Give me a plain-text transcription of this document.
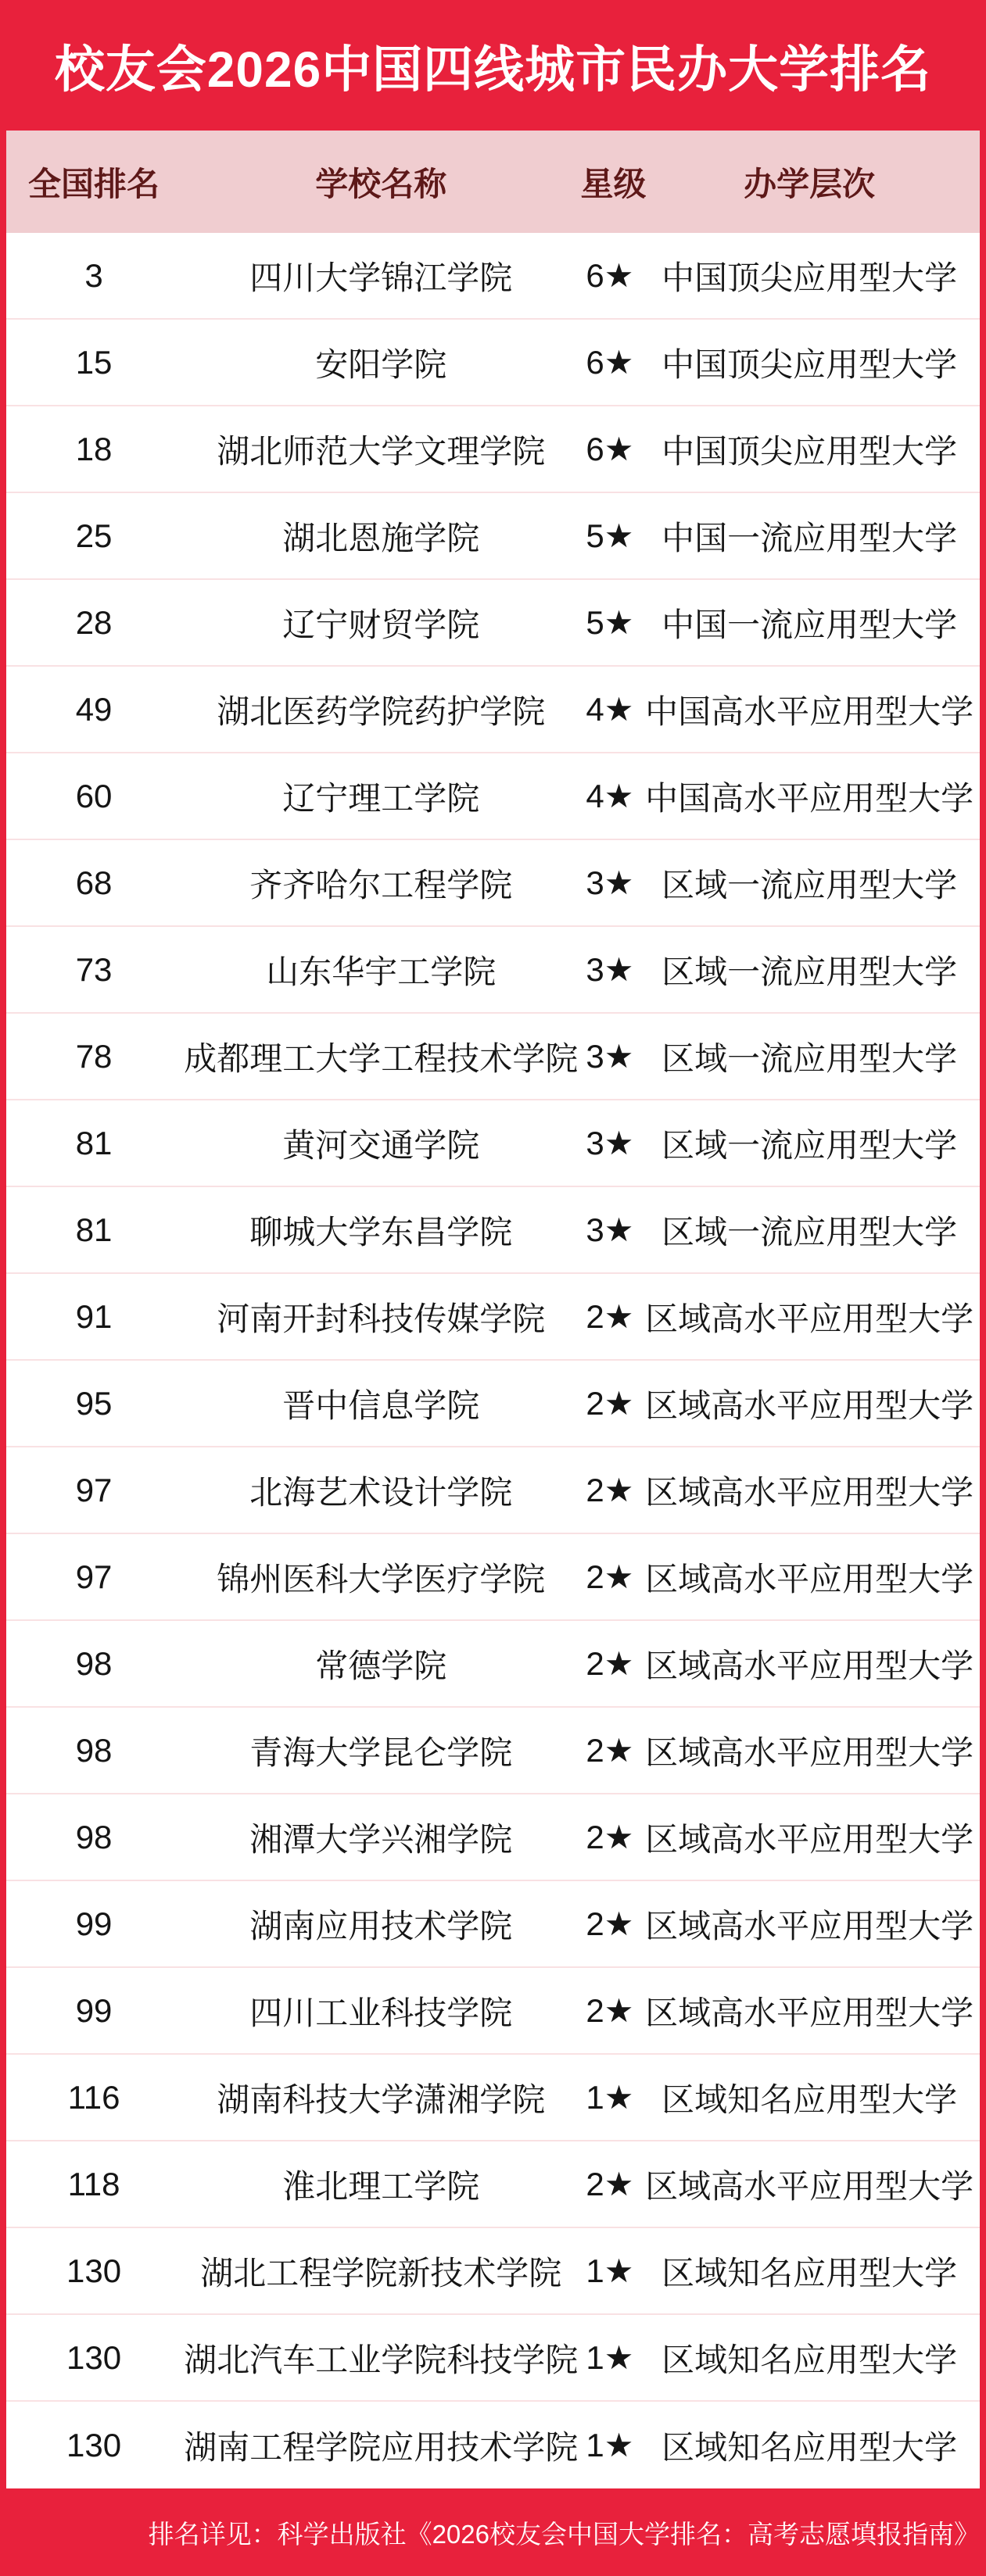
校友会2026中国四线城市民办大学排名
全国排名	学校名称	星级	办学层次
3	四川大学锦江学院	6★ 中国顶尖应用型大学
15	安阳学院	6★ 中国顶尖应用型大学
18	湖北师范大学文理学院	6★ 中国顶尖应用型大学
25	湖北恩施学院	5★ 中国一流应用型大学
28	辽宁财贸学院	5★ 中国一流应用型大学
49	湖北医药学院药护学院	4★ 中国高水平应用型大学
60	辽宁理工学院	4★ 中国高水平应用型大学
68	齐齐哈尔工程学院	3★ 区域一流应用型大学
73	山东华宇工学院	3★ 区域一流应用型大学
78	成都理工大学工程技术学院 3★ 区域一流应用型大学
81	黄河交通学院	3★ 区域一流应用型大学
81	聊城大学东昌学院	3★ 区域一流应用型大学
91	河南开封科技传媒学院	2★ 区域高水平应用型大学
95	晋中信息学院	2★ 区域高水平应用型大学
97	北海艺术设计学院	2★ 区域高水平应用型大学
97	锦州医科大学医疗学院	2★ 区域高水平应用型大学
98	常德学院	2★ 区域高水平应用型大学
98	青海大学昆仑学院	2★ 区域高水平应用型大学
98	湘潭大学兴湘学院	2★ 区域高水平应用型大学
99	湖南应用技术学院	2★ 区域高水平应用型大学
99	四川工业科技学院	2★ 区域高水平应用型大学
116	湖南科技大学潇湘学院	1★ 区域知名应用型大学
118	淮北理工学院	2★ 区域高水平应用型大学
130	湖北工程学院新技术学院 1★ 区域知名应用型大学
130	湖北汽车工业学院科技学院 1★ 区域知名应用型大学
130	湖南工程学院应用技术学院 1★ 区域知名应用型大学

排名详见：科学出版社《2026校友会中国大学排名：高考志愿填报指南》
